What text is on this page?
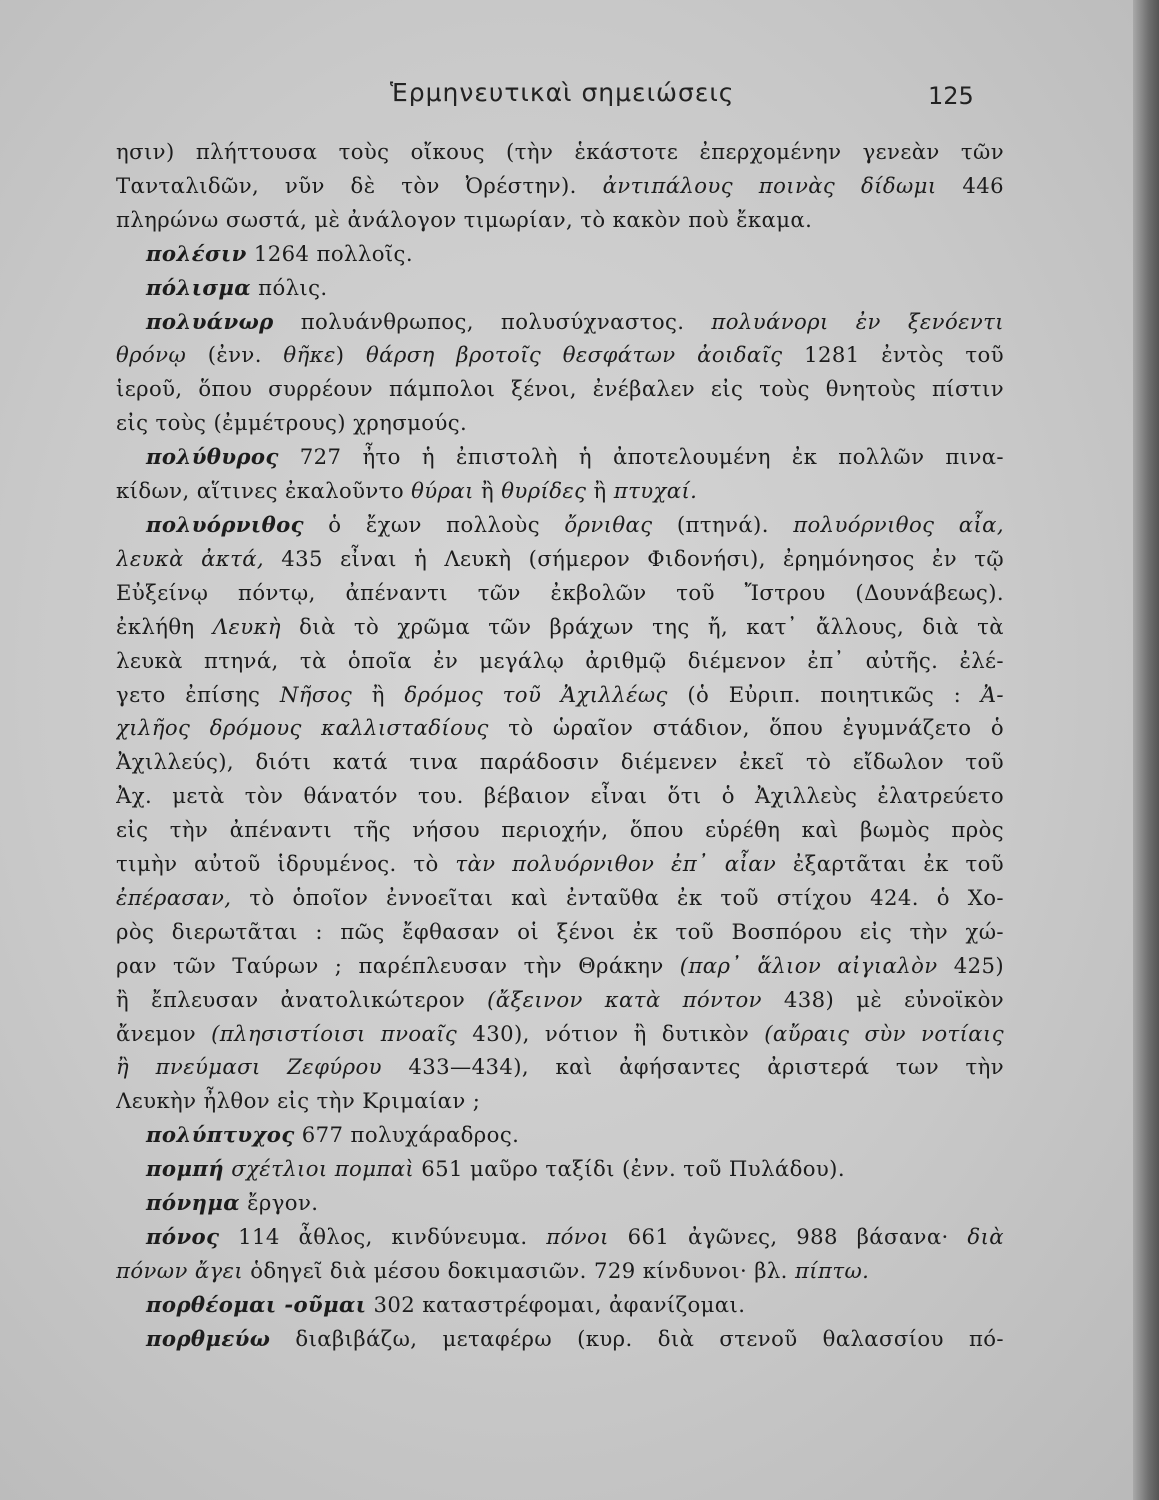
Ἑρμηνευτικαὶ σημειώσεις	125
ησιν) πλήττουσα τοὺς οἴκους (τὴν ἑκάστοτε ἐπερχομένην γενεὰν τῶν
Τανταλιδῶν, νῦν δὲ τὸν Ὀρέστην). ἀντιπάλους ποινὰς δίδωμι 446
πληρώνω σωστά, μὲ ἀνάλογον τιμωρίαν, τὸ κακὸν ποὺ ἔκαμα.
πολέσιν 1264 πολλοῖς.
πόλισμα πόλις.
πολυάνωρ πολυάνθρωπος, πολυσύχναστος. πολυάνορι ἐν ξενόεντι
θρόνῳ (ἐνν. θῆκε) θάρση βροτοῖς θεσφάτων ἀοιδαῖς 1281 ἐντὸς τοῦ
ἱεροῦ, ὅπου συρρέουν πάμπολοι ξένοι, ἐνέβαλεν εἰς τοὺς θνητοὺς πίστιν
εἰς τοὺς (ἐμμέτρους) χρησμούς.
πολύθυρος 727 ἦτο ἡ ἐπιστολὴ ἡ ἀποτελουμένη ἐκ πολλῶν πινα-
κίδων, αἵτινες ἐκαλοῦντο θύραι ἢ θυρίδες ἢ πτυχαί.
πολυόρνιθος ὁ ἔχων πολλοὺς ὄρνιθας (πτηνά). πολυόρνιθος αἶα,
λευκὰ ἀκτά, 435 εἶναι ἡ Λευκὴ (σήμερον Φιδονήσι), ἐρημόνησος ἐν τῷ
Εὐξείνῳ πόντῳ, ἀπέναντι τῶν ἐκβολῶν τοῦ Ἴστρου (Δουνάβεως).
ἐκλήθη Λευκὴ διὰ τὸ χρῶμα τῶν βράχων της ἤ, κατ᾽ ἄλλους, διὰ τὰ
λευκὰ πτηνά, τὰ ὁποῖα ἐν μεγάλῳ ἀριθμῷ διέμενον ἐπ᾽ αὐτῆς. ἐλέ-
γετο ἐπίσης Νῆσος ἢ δρόμος τοῦ Ἀχιλλέως (ὁ Εὐριπ. ποιητικῶς : Ἀ-
χιλῆος δρόμους καλλισταδίους τὸ ὡραῖον στάδιον, ὅπου ἐγυμνάζετο ὁ
Ἀχιλλεύς), διότι κατά τινα παράδοσιν διέμενεν ἐκεῖ τὸ εἴδωλον τοῦ
Ἀχ. μετὰ τὸν θάνατόν του. βέβαιον εἶναι ὅτι ὁ Ἀχιλλεὺς ἐλατρεύετο
εἰς τὴν ἀπέναντι τῆς νήσου περιοχήν, ὅπου εὑρέθη καὶ βωμὸς πρὸς
τιμὴν αὐτοῦ ἱδρυμένος. τὸ τὰν πολυόρνιθον ἐπ᾽ αἶαν ἐξαρτᾶται ἐκ τοῦ
ἐπέρασαν, τὸ ὁποῖον ἐννοεῖται καὶ ἐνταῦθα ἐκ τοῦ στίχου 424. ὁ Χο-
ρὸς διερωτᾶται : πῶς ἔφθασαν οἱ ξένοι ἐκ τοῦ Βοσπόρου εἰς τὴν χώ-
ραν τῶν Ταύρων ; παρέπλευσαν τὴν Θράκην (παρ᾽ ἅλιον αἰγιαλὸν 425)
ἢ ἔπλευσαν ἀνατολικώτερον (ἄξεινον κατὰ πόντον 438) μὲ εὐνοϊκὸν
ἄνεμον (πλησιστίοισι πνοαῖς 430), νότιον ἢ δυτικὸν (αὔραις σὺν νοτίαις
ἢ πνεύμασι Ζεφύρου 433—434), καὶ ἀφήσαντες ἀριστερά των τὴν
Λευκὴν ἦλθον εἰς τὴν Κριμαίαν ;
πολύπτυχος 677 πολυχάραδρος.
πομπή σχέτλιοι πομπαὶ 651 μαῦρο ταξίδι (ἐνν. τοῦ Πυλάδου).
πόνημα ἔργον.
πόνος 114 ἆθλος, κινδύνευμα. πόνοι 661 ἀγῶνες, 988 βάσανα· διὰ
πόνων ἄγει ὁδηγεῖ διὰ μέσου δοκιμασιῶν. 729 κίνδυνοι· βλ. πίπτω.
πορθέομαι -οῦμαι 302 καταστρέφομαι, ἀφανίζομαι.
πορθμεύω διαβιβάζω, μεταφέρω (κυρ. διὰ στενοῦ θαλασσίου πό-
